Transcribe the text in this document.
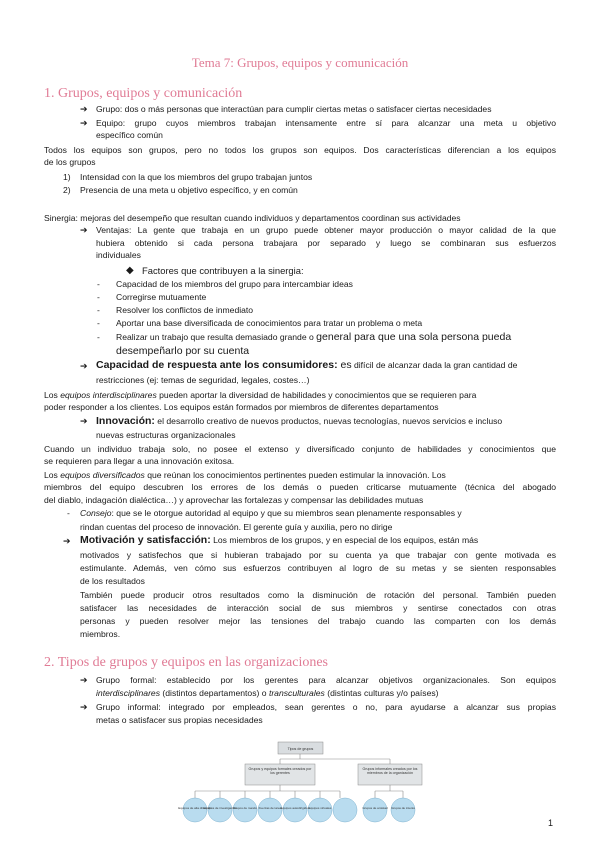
Tema 7: Grupos, equipos y comunicación
1. Grupos, equipos y comunicación
➔ Grupo: dos o más personas que interactúan para cumplir ciertas metas o satisfacer ciertas necesidades
➔ Equipo: grupo cuyos miembros trabajan intensamente entre sí para alcanzar una meta u objetivo
específico común
Todos los equipos son grupos, pero no todos los grupos son equipos. Dos características diferencian a los equipos
de los grupos
1) Intensidad con la que los miembros del grupo trabajan juntos
2) Presencia de una meta u objetivo específico, y en común
Sinergia: mejoras del desempeño que resultan cuando individuos y departamentos coordinan sus actividades
➔ Ventajas: La gente que trabaja en un grupo puede obtener mayor producción o mayor calidad de la que
hubiera obtenido si cada persona trabajara por separado y luego se combinaran sus esfuerzos
individuales
◆ Factores que contribuyen a la sinergia:
- Capacidad de los miembros del grupo para intercambiar ideas
- Corregirse mutuamente
- Resolver los conflictos de inmediato
- Aportar una base diversificada de conocimientos para tratar un problema o meta
- Realizar un trabajo que resulta demasiado grande o general para que una sola persona pueda
desempeñarlo por su cuenta
➔ Capacidad de respuesta ante los consumidores: es difícil de alcanzar dada la gran cantidad de
restricciones (ej: temas de seguridad, legales, costes…)
Los equipos interdisciplinares pueden aportar la diversidad de habilidades y conocimientos que se requieren para
poder responder a los clientes. Los equipos están formados por miembros de diferentes departamentos
➔ Innovación: el desarrollo creativo de nuevos productos, nuevas tecnologías, nuevos servicios e incluso
nuevas estructuras organizacionales
Cuando un individuo trabaja solo, no posee el extenso y diversificado conjunto de habilidades y conocimientos que
se requieren para llegar a una innovación exitosa.
Los equipos diversificados que reúnan los conocimientos pertinentes pueden estimular la innovación. Los
miembros del equipo descubren los errores de los demás o pueden criticarse mutuamente (técnica del abogado
del diablo, indagación dialéctica…) y aprovechar las fortalezas y compensar las debilidades mutuas
- Consejo: que se le otorgue autoridad al equipo y que su miembros sean plenamente responsables y
rindan cuentas del proceso de innovación. El gerente guía y auxilia, pero no dirige
➔ Motivación y satisfacción: Los miembros de los grupos, y en especial de los equipos, están más
motivados y satisfechos que si hubieran trabajado por su cuenta ya que trabajar con gente motivada es
estimulante. Además, ven cómo sus esfuerzos contribuyen al logro de su metas y se sienten responsables
de los resultados
También puede producir otros resultados como la disminución de rotación del personal. También pueden
satisfacer las necesidades de interacción social de sus miembros y sentirse conectados con otras
personas y pueden resolver mejor las tensiones del trabajo cuando las comparten con los demás
miembros.
2. Tipos de grupos y equipos en las organizaciones
➔ Grupo formal: establecido por los gerentes para alcanzar objetivos organizacionales. Son equipos
interdisciplinares (distintos departamentos) o transculturales (distintas culturas y/o países)
➔ Grupo informal: integrado por empleados, sean gerentes o no, para ayudarse a alcanzar sus propias
metas o satisfacer sus propias necesidades
Tipos de grupos
Grupos y equipos formales creados por los gerentes
Grupos informales creados por los miembros de la organización
Equipos de alta dirección
Equipos de investigación
Grupos de mando Fuerzas de tarea Equipos autodirigidos Equipos virtuales	Grupos de amistad Grupos de interés
1
